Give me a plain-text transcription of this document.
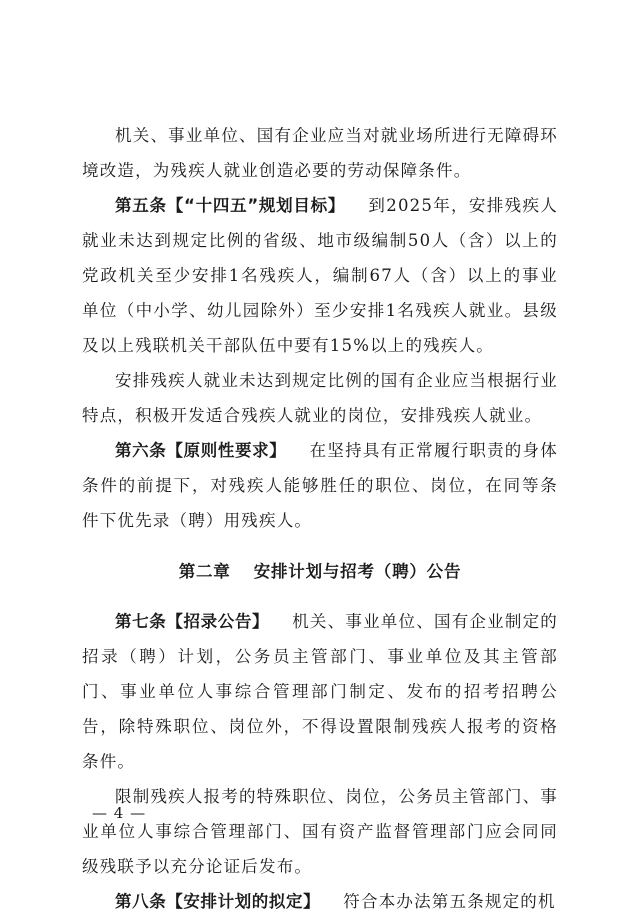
机关、事业单位、国有企业应当对就业场所进行无障碍环境改造，为残疾人就业创造必要的劳动保障条件。

第五条【“十四五”规划目标】 到2025年，安排残疾人就业未达到规定比例的省级、地市级编制50人（含）以上的党政机关至少安排1名残疾人，编制67人（含）以上的事业单位（中小学、幼儿园除外）至少安排1名残疾人就业。县级及以上残联机关干部队伍中要有15%以上的残疾人。

安排残疾人就业未达到规定比例的国有企业应当根据行业特点，积极开发适合残疾人就业的岗位，安排残疾人就业。

第六条【原则性要求】 在坚持具有正常履行职责的身体条件的前提下，对残疾人能够胜任的职位、岗位，在同等条件下优先录（聘）用残疾人。

第二章 安排计划与招考（聘）公告

第七条【招录公告】 机关、事业单位、国有企业制定的招录（聘）计划，公务员主管部门、事业单位及其主管部门、事业单位人事综合管理部门制定、发布的招考招聘公告，除特殊职位、岗位外，不得设置限制残疾人报考的资格条件。

限制残疾人报考的特殊职位、岗位，公务员主管部门、事业单位人事综合管理部门、国有资产监督管理部门应会同同级残联予以充分论证后发布。

第八条【安排计划的拟定】 符合本办法第五条规定的机

— 4 —
